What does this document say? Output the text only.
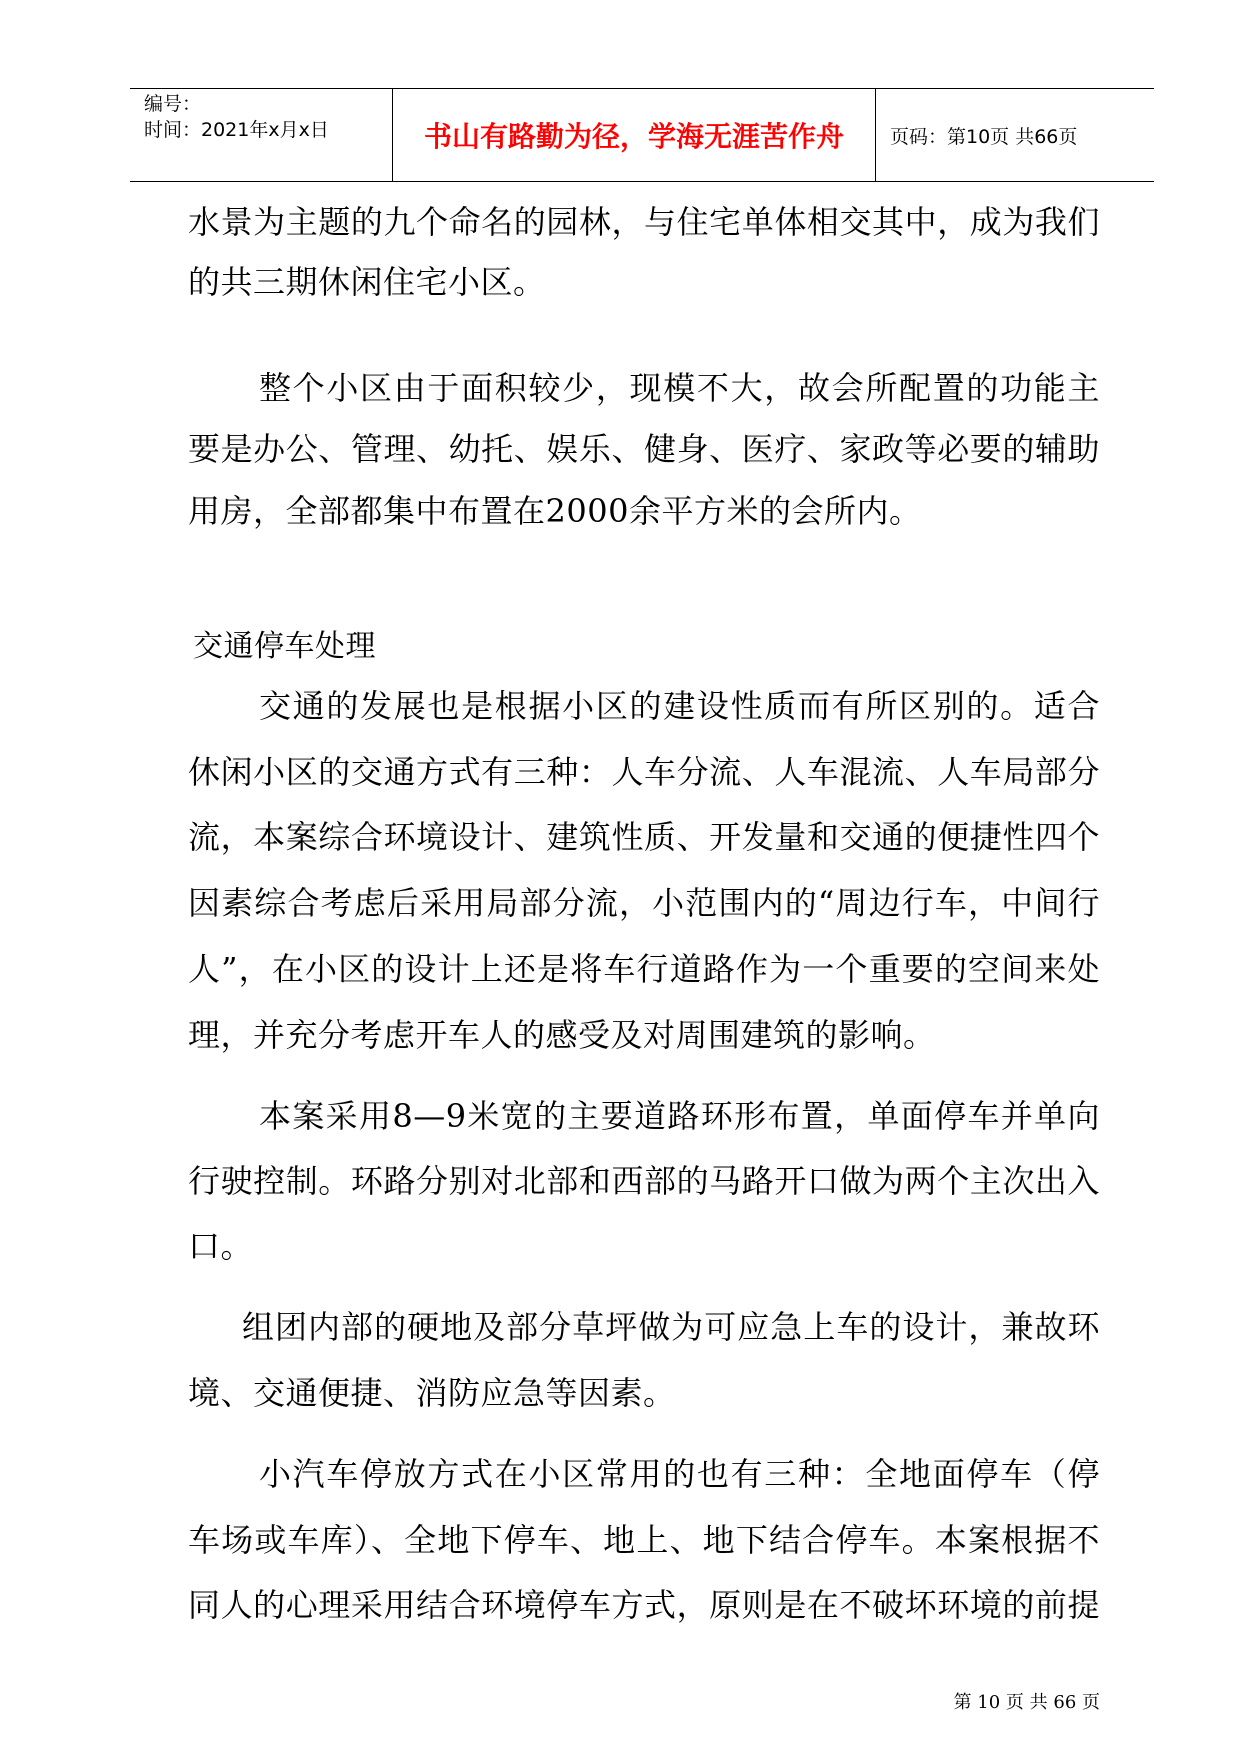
编号：
时间：2021年x月x日	书山有路勤为径，学海无涯苦作舟	页码：第10页 共66页
水景为主题的九个命名的园林，与住宅单体相交其中，成为我们
的共三期休闲住宅小区。
整个小区由于面积较少，现模不大，故会所配置的功能主
要是办公、管理、幼托、娱乐、健身、医疗、家政等必要的辅助
用房，全部都集中布置在2000余平方米的会所内。
交通停车处理
交通的发展也是根据小区的建设性质而有所区别的。适合
休闲小区的交通方式有三种：人车分流、人车混流、人车局部分
流，本案综合环境设计、建筑性质、开发量和交通的便捷性四个
因素综合考虑后采用局部分流，小范围内的“周边行车，中间行
人”，在小区的设计上还是将车行道路作为一个重要的空间来处
理，并充分考虑开车人的感受及对周围建筑的影响。
本案采用8—9米宽的主要道路环形布置，单面停车并单向
行驶控制。环路分别对北部和西部的马路开口做为两个主次出入
口。
组团内部的硬地及部分草坪做为可应急上车的设计，兼故环
境、交通便捷、消防应急等因素。
小汽车停放方式在小区常用的也有三种：全地面停车（停
车场或车库）、全地下停车、地上、地下结合停车。本案根据不
同人的心理采用结合环境停车方式，原则是在不破坏环境的前提
第 10 页 共 66 页
